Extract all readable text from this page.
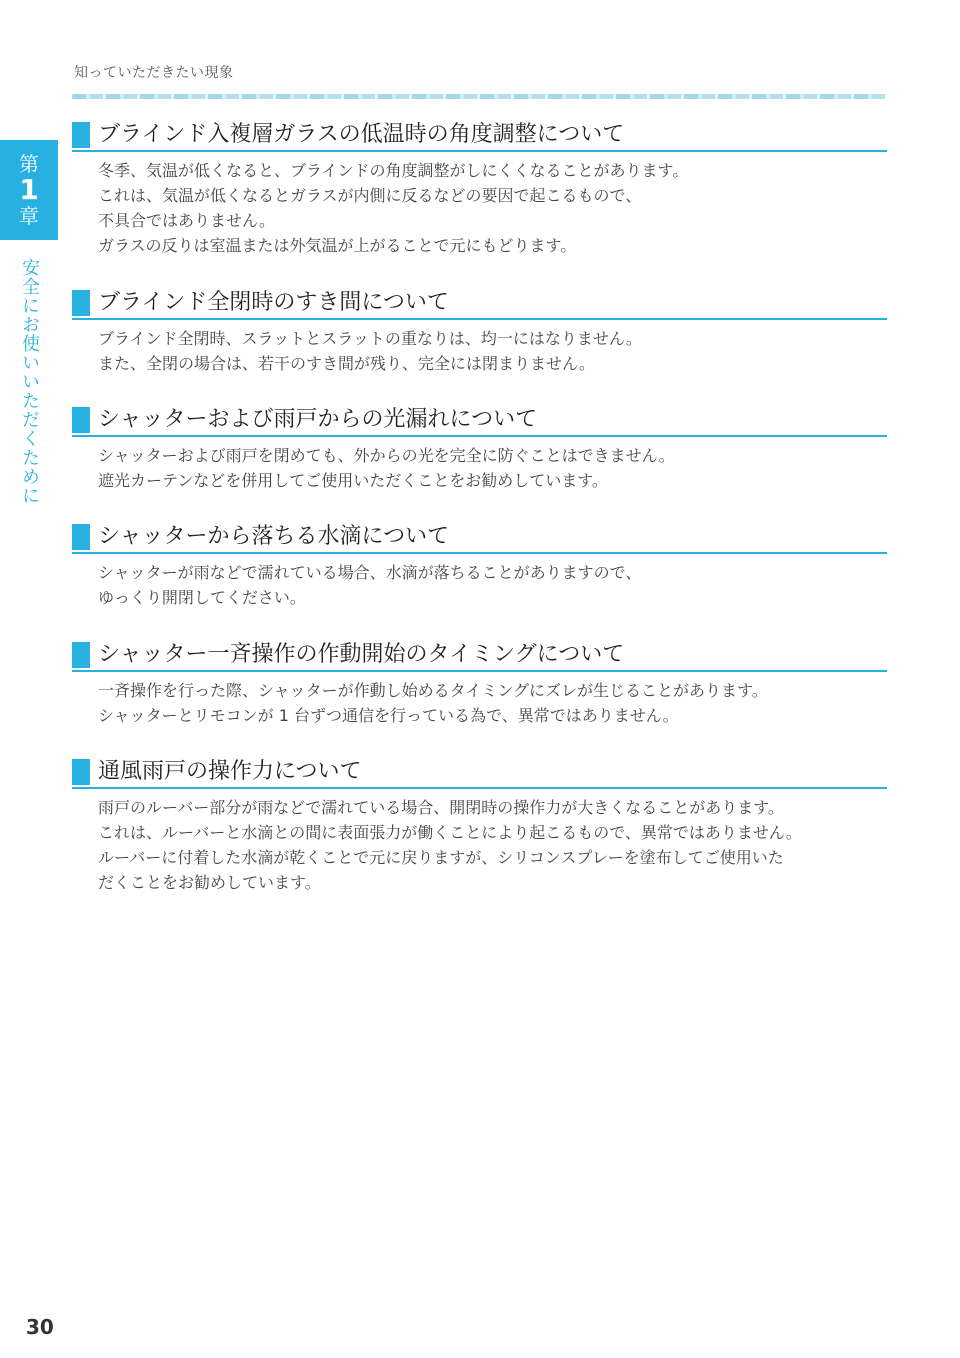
知っていただきたい現象
第
1
章
安全にお使いいただくために
ブラインド入複層ガラスの低温時の角度調整について
冬季、気温が低くなると、ブラインドの角度調整がしにくくなることがあります。
これは、気温が低くなるとガラスが内側に反るなどの要因で起こるもので、
不具合ではありません。
ガラスの反りは室温または外気温が上がることで元にもどります。
ブラインド全閉時のすき間について
ブラインド全閉時、スラットとスラットの重なりは、均一にはなりません。
また、全閉の場合は、若干のすき間が残り、完全には閉まりません。
シャッターおよび雨戸からの光漏れについて
シャッターおよび雨戸を閉めても、外からの光を完全に防ぐことはできません。
遮光カーテンなどを併用してご使用いただくことをお勧めしています。
シャッターから落ちる水滴について
シャッターが雨などで濡れている場合、水滴が落ちることがありますので、
ゆっくり開閉してください。
シャッター一斉操作の作動開始のタイミングについて
一斉操作を行った際、シャッターが作動し始めるタイミングにズレが生じることがあります。
シャッターとリモコンが 1 台ずつ通信を行っている為で、異常ではありません。
通風雨戸の操作力について
雨戸のルーバー部分が雨などで濡れている場合、開閉時の操作力が大きくなることがあります。
これは、ルーバーと水滴との間に表面張力が働くことにより起こるもので、異常ではありません。
ルーバーに付着した水滴が乾くことで元に戻りますが、シリコンスプレーを塗布してご使用いた
だくことをお勧めしています。
30
